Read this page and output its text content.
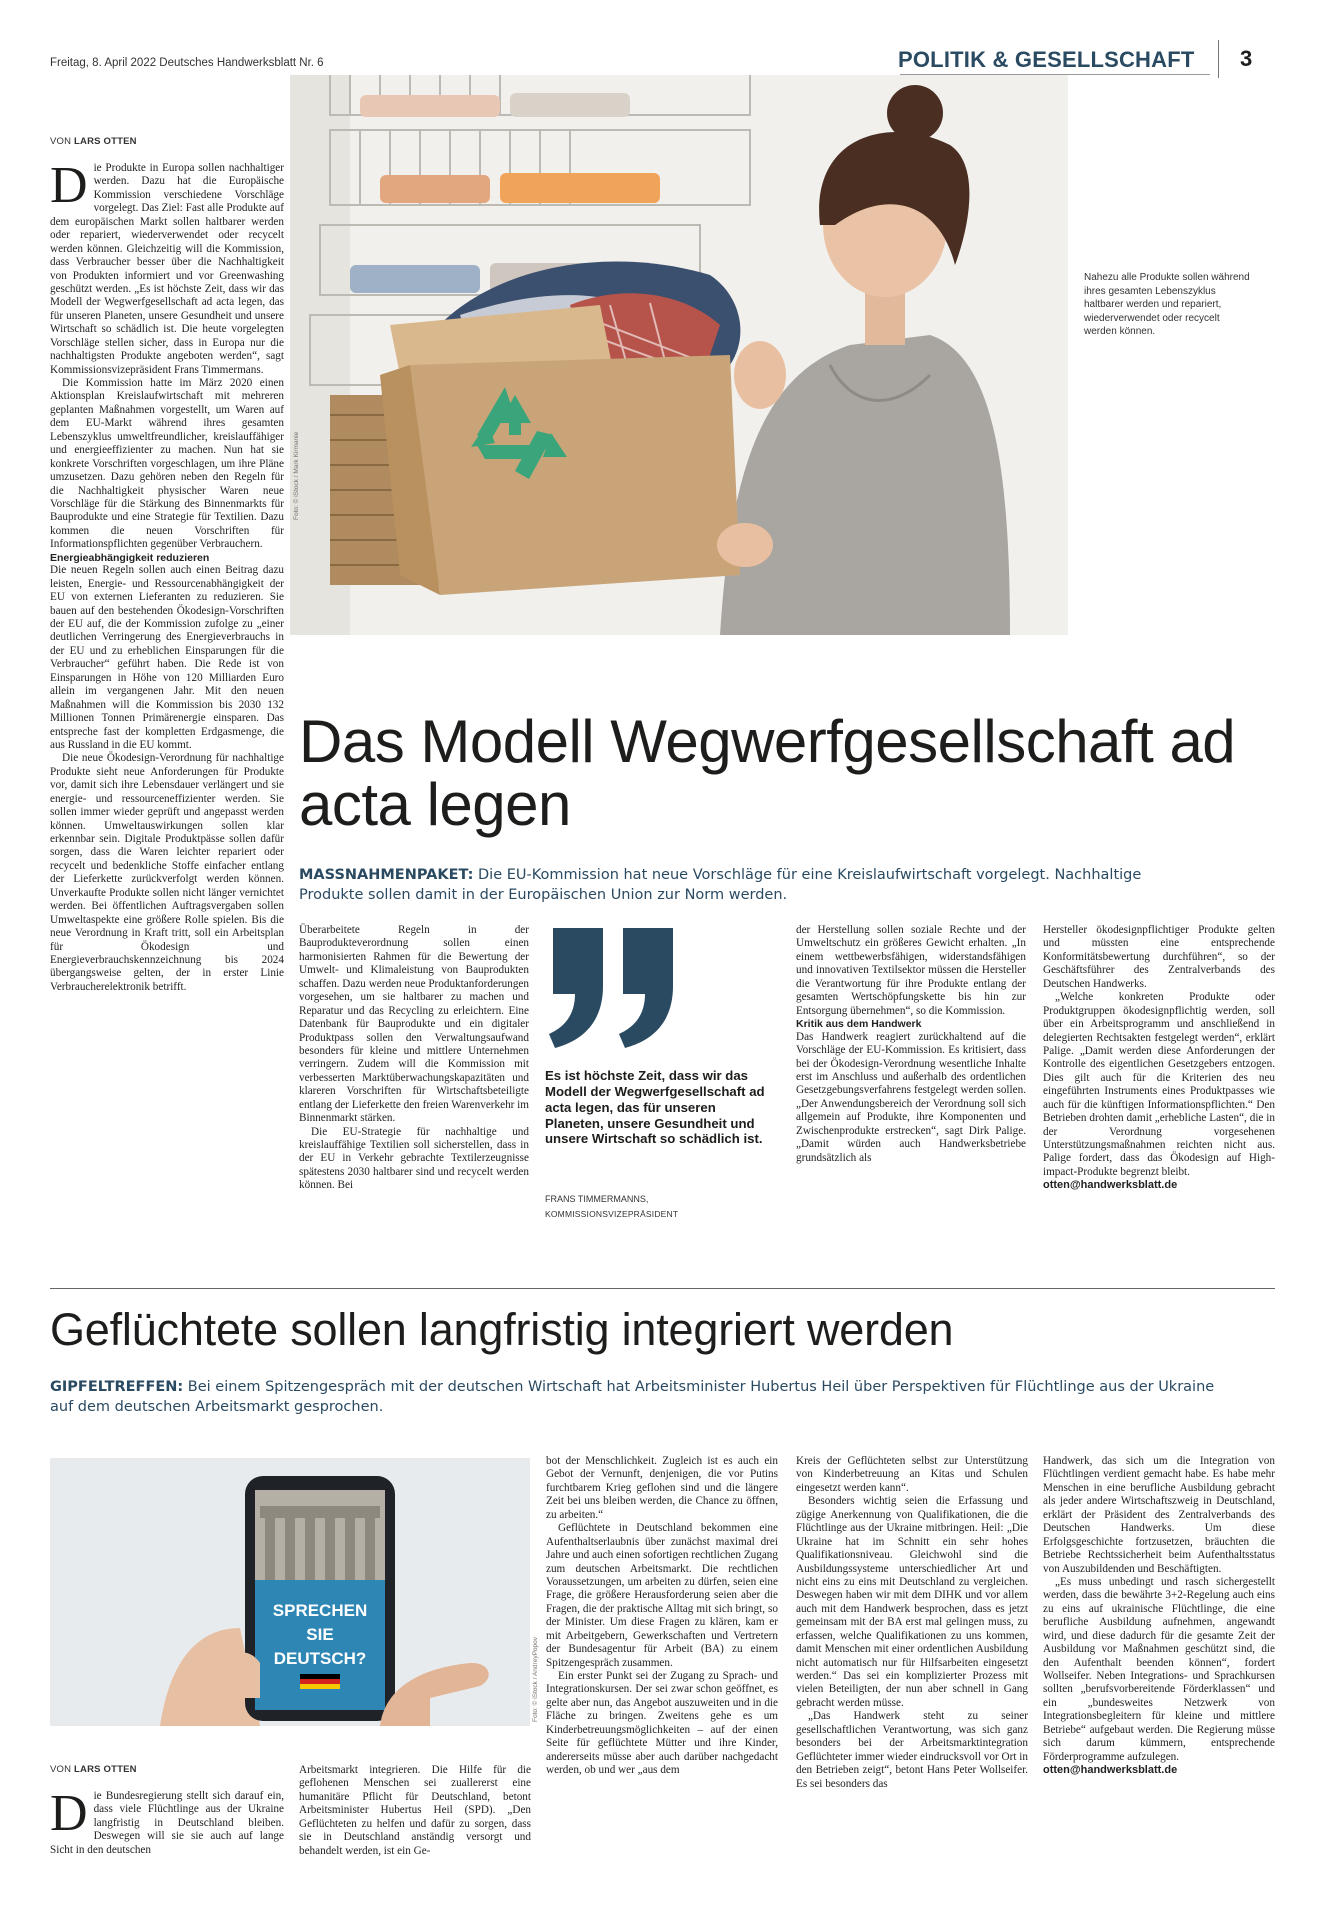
Freitag, 8. April 2022 Deutsches Handwerksblatt Nr. 6	POLITIK & GESELLSCHAFT 3
VON LARS OTTEN
D ie Produkte in Europa sollen nachhaltiger werden. Dazu hat die Europäische Kommission verschiedene Vorschläge vorgelegt. Das Ziel: Fast alle Produkte auf dem europäischen Markt sollen haltbarer werden oder repariert, wiederverwendet oder recycelt werden können. Gleichzeitig will die Kommission, dass Verbraucher besser über die Nachhaltigkeit von Produkten informiert und vor Greenwashing geschützt werden. „Es ist höchste Zeit, dass wir das Modell der Wegwerfgesellschaft ad acta legen, das für unseren Planeten, unsere Gesundheit und unsere Wirtschaft so schädlich ist. Die heute vorgelegten Vorschläge stellen sicher, dass in Europa nur die nachhaltigsten Produkte angeboten werden“, sagt Kommissionsvizepräsident Frans Timmermans.

Die Kommission hatte im März 2020 einen Aktionsplan Kreislaufwirtschaft mit mehreren geplanten Maßnahmen vorgestellt, um Waren auf dem EU-Markt während ihres gesamten Lebenszyklus umweltfreundlicher, kreislauffähiger und energieeffizienter zu machen. Nun hat sie konkrete Vorschriften vorgeschlagen, um ihre Pläne umzusetzen. Dazu gehören neben den Regeln für die Nachhaltigkeit physischer Waren neue Vorschläge für die Stärkung des Binnenmarkts für Bauprodukte und eine Strategie für Textilien. Dazu kommen die neuen Vorschriften für Informationspflichten gegenüber Verbrauchern.

Energieabhängigkeit reduzieren

Die neuen Regeln sollen auch einen Beitrag dazu leisten, Energie- und Ressourcenabhängigkeit der EU von externen Lieferanten zu reduzieren. Sie bauen auf den bestehenden Ökodesign-Vorschriften der EU auf, die der Kommission zufolge zu „einer deutlichen Verringerung des Energieverbrauchs in der EU und zu erheblichen Einsparungen für die Verbraucher“ geführt haben. Die Rede ist von Einsparungen in Höhe von 120 Milliarden Euro allein im vergangenen Jahr. Mit den neuen Maßnahmen will die Kommission bis 2030 132 Millionen Tonnen Primärenergie einsparen. Das entspreche fast der kompletten Erdgasmenge, die aus Russland in die EU kommt.

Die neue Ökodesign-Verordnung für nachhaltige Produkte sieht neue Anforderungen für Produkte vor, damit sich ihre Lebensdauer verlängert und sie energie- und ressourceneffizienter werden. Sie sollen immer wieder geprüft und angepasst werden können. Umweltauswirkungen sollen klar erkennbar sein. Digitale Produktpässe sollen dafür sorgen, dass die Waren leichter repariert oder recycelt und bedenkliche Stoffe einfacher entlang der Lieferkette zurückverfolgt werden können. Unverkaufte Produkte sollen nicht länger vernichtet werden. Bei öffentlichen Auftragsvergaben sollen Umweltaspekte eine größere Rolle spielen. Bis die neue Verordnung in Kraft tritt, soll ein Arbeitsplan für Ökodesign und Energieverbrauchskennzeichnung bis 2024 übergangsweise gelten, der in erster Linie Verbraucherelektronik betrifft.

Foto: © iStock / Mark Kirmanie
Nahezu alle Produkte sollen während ihres gesamten Lebenszyklus haltbarer werden und repariert, wiederverwendet oder recycelt werden können.
Das Modell Wegwerfgesellschaft ad acta legen
MASSNAHMENPAKET: Die EU-Kommission hat neue Vorschläge für eine Kreislaufwirtschaft vorgelegt. Nachhaltige Produkte sollen damit in der Europäischen Union zur Norm werden.

Überarbeitete Regeln in der Bauprodukteverordnung sollen einen harmonisierten Rahmen für die Bewertung der Umwelt- und Klimaleistung von Bauprodukten schaffen. Dazu werden neue Produktanforderungen vorgesehen, um sie haltbarer zu machen und Reparatur und das Recycling zu erleichtern. Eine Datenbank für Bauprodukte und ein digitaler Produktpass sollen den Verwaltungsaufwand besonders für kleine und mittlere Unternehmen verringern. Zudem will die Kommission mit verbesserten Marktüberwachungskapazitäten und klareren Vorschriften für Wirtschaftsbeteiligte entlang der Lieferkette den freien Warenverkehr im Binnenmarkt stärken.

Die EU-Strategie für nachhaltige und kreislauffähige Textilien soll sicherstellen, dass in der EU in Verkehr gebrachte Textilerzeugnisse spätestens 2030 haltbarer sind und recycelt werden können. Bei

Es ist höchste Zeit, dass wir das Modell der Wegwerfgesellschaft ad acta legen, das für unseren Planeten, unsere Gesundheit und unsere Wirtschaft so schädlich ist.
FRANS TIMMERMANNS,
KOMMISSIONSVIZEPRÄSIDENT

der Herstellung sollen soziale Rechte und der Umweltschutz ein größeres Gewicht erhalten. „In einem wettbewerbsfähigen, widerstandsfähigen und innovativen Textilsektor müssen die Hersteller die Verantwortung für ihre Produkte entlang der gesamten Wertschöpfungskette bis hin zur Entsorgung übernehmen“, so die Kommission.

Kritik aus dem Handwerk

Das Handwerk reagiert zurückhaltend auf die Vorschläge der EU-Kommission. Es kritisiert, dass bei der Ökodesign-Verordnung wesentliche Inhalte erst im Anschluss und außerhalb des ordentlichen Gesetzgebungsverfahrens festgelegt werden sollen. „Der Anwendungsbereich der Verordnung soll sich allgemein auf Produkte, ihre Komponenten und Zwischenprodukte erstrecken“, sagt Dirk Palige. „Damit würden auch Handwerksbetriebe grundsätzlich als

Hersteller ökodesignpflichtiger Produkte gelten und müssten eine entsprechende Konformitätsbewertung durchführen“, so der Geschäftsführer des Zentralverbands des Deutschen Handwerks.

„Welche konkreten Produkte oder Produktgruppen ökodesignpflichtig werden, soll über ein Arbeitsprogramm und anschließend in delegierten Rechtsakten festgelegt werden“, erklärt Palige. „Damit werden diese Anforderungen der Kontrolle des eigentlichen Gesetzgebers entzogen. Dies gilt auch für die Kriterien des neu eingeführten Instruments eines Produktpasses wie auch für die künftigen Informationspflichten.“ Den Betrieben drohten damit „erhebliche Lasten“, die in der Verordnung vorgesehenen Unterstützungsmaßnahmen reichten nicht aus. Palige fordert, dass das Ökodesign auf High-impact-Produkte begrenzt bleibt.

otten@handwerksblatt.de

Geflüchtete sollen langfristig integriert werden
GIPFELTREFFEN: Bei einem Spitzengespräch mit der deutschen Wirtschaft hat Arbeitsminister Hubertus Heil über Perspektiven für Flüchtlinge aus der Ukraine auf dem deutschen Arbeitsmarkt gesprochen.
SPRECHEN
SIE
DEUTSCH?	Foto: © iStock / AndreyPopov
VON LARS OTTEN
D ie Bundesregierung stellt sich darauf ein, dass viele Flüchtlinge aus der Ukraine langfristig in Deutschland bleiben. Deswegen will sie sie auch auf lange Sicht in den deutschen

Arbeitsmarkt integrieren. Die Hilfe für die geflohenen Menschen sei zuallererst eine humanitäre Pflicht für Deutschland, betont Arbeitsminister Hubertus Heil (SPD). „Den Geflüchteten zu helfen und dafür zu sorgen, dass sie in Deutschland anständig versorgt und behandelt werden, ist ein Ge-

bot der Menschlichkeit. Zugleich ist es auch ein Gebot der Vernunft, denjenigen, die vor Putins furchtbarem Krieg geflohen sind und die längere Zeit bei uns bleiben werden, die Chance zu öffnen, zu arbeiten.“

Geflüchtete in Deutschland bekommen eine Aufenthaltserlaubnis über zunächst maximal drei Jahre und auch einen sofortigen rechtlichen Zugang zum deutschen Arbeitsmarkt. Die rechtlichen Voraussetzungen, um arbeiten zu dürfen, seien eine Frage, die größere Herausforderung seien aber die Fragen, die der praktische Alltag mit sich bringt, so der Minister. Um diese Fragen zu klären, kam er mit Arbeitgebern, Gewerkschaften und Vertretern der Bundesagentur für Arbeit (BA) zu einem Spitzengespräch zusammen.

Ein erster Punkt sei der Zugang zu Sprach- und Integrationskursen. Der sei zwar schon geöffnet, es gelte aber nun, das Angebot auszuweiten und in die Fläche zu bringen. Zweitens gehe es um Kinderbetreuungsmöglichkeiten – auf der einen Seite für geflüchtete Mütter und ihre Kinder, andererseits müsse aber auch darüber nachgedacht werden, ob und wer „aus dem

Kreis der Geflüchteten selbst zur Unterstützung von Kinderbetreuung an Kitas und Schulen eingesetzt werden kann“.

Besonders wichtig seien die Erfassung und zügige Anerkennung von Qualifikationen, die die Flüchtlinge aus der Ukraine mitbringen. Heil: „Die Ukraine hat im Schnitt ein sehr hohes Qualifikationsniveau. Gleichwohl sind die Ausbildungssysteme unterschiedlicher Art und nicht eins zu eins mit Deutschland zu vergleichen. Deswegen haben wir mit dem DIHK und vor allem auch mit dem Handwerk besprochen, dass es jetzt gemeinsam mit der BA erst mal gelingen muss, zu erfassen, welche Qualifikationen zu uns kommen, damit Menschen mit einer ordentlichen Ausbildung nicht automatisch nur für Hilfsarbeiten eingesetzt werden.“ Das sei ein komplizierter Prozess mit vielen Beteiligten, der nun aber schnell in Gang gebracht werden müsse.

„Das Handwerk steht zu seiner gesellschaftlichen Verantwortung, was sich ganz besonders bei der Arbeitsmarktintegration Geflüchteter immer wieder eindrucksvoll vor Ort in den Betrieben zeigt“, betont Hans Peter Wollseifer. Es sei besonders das

Handwerk, das sich um die Integration von Flüchtlingen verdient gemacht habe. Es habe mehr Menschen in eine berufliche Ausbildung gebracht als jeder andere Wirtschaftszweig in Deutschland, erklärt der Präsident des Zentralverbands des Deutschen Handwerks. Um diese Erfolgsgeschichte fortzusetzen, bräuchten die Betriebe Rechtssicherheit beim Aufenthaltsstatus von Auszubildenden und Beschäftigten.

„Es muss unbedingt und rasch sichergestellt werden, dass die bewährte 3+2-Regelung auch eins zu eins auf ukrainische Flüchtlinge, die eine berufliche Ausbildung aufnehmen, angewandt wird, und diese dadurch für die gesamte Zeit der Ausbildung vor Maßnahmen geschützt sind, die den Aufenthalt beenden können“, fordert Wollseifer. Neben Integrations- und Sprachkursen sollten „berufsvorbereitende Förderklassen“ und ein „bundesweites Netzwerk von Integrationsbegleitern für kleine und mittlere Betriebe“ aufgebaut werden. Die Regierung müsse sich darum kümmern, entsprechende Förderprogramme aufzulegen.

otten@handwerksblatt.de
